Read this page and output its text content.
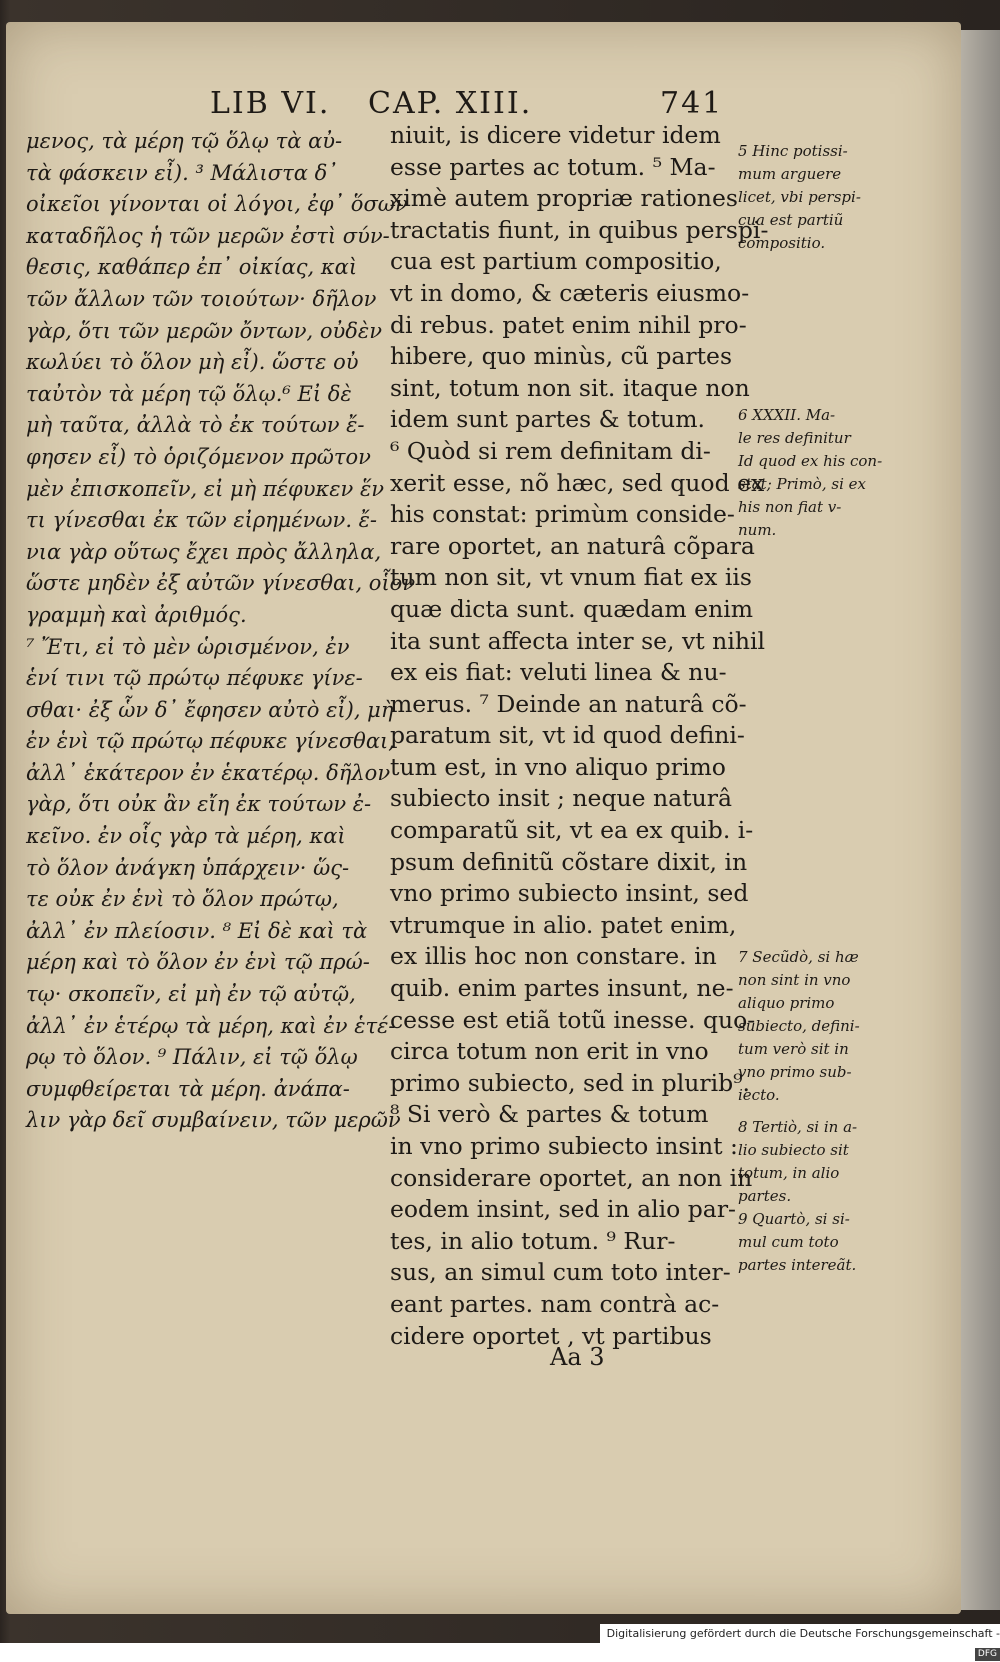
LIB VI. CAP. XIII.	741
μενος, τὰ μέρη τῷ ὅλῳ τὰ αὐ-
τὰ φάσκειν εἶ). ³ Μάλιστα δ᾽
οἰκεῖοι γίνονται οἱ λόγοι, ἐφ᾽ ὅσων
καταδῆλος ἡ τῶν μερῶν ἐστὶ σύν-
θεσις, καθάπερ ἐπ᾽ οἰκίας, καὶ
τῶν ἄλλων τῶν τοιούτων· δῆλον
γὰρ, ὅτι τῶν μερῶν ὄντων, οὐδὲν
κωλύει τὸ ὅλον μὴ εἶ). ὥστε οὐ
ταὐτὸν τὰ μέρη τῷ ὅλῳ.⁶ Εἰ δὲ
μὴ ταῦτα, ἀλλὰ τὸ ἐκ τούτων ἔ-
φησεν εἶ) τὸ ὁριζόμενον πρῶτον
μὲν ἐπισκοπεῖν, εἰ μὴ πέφυκεν ἕν
τι γίνεσθαι ἐκ τῶν εἰρημένων. ἔ-
νια γὰρ οὕτως ἔχει πρὸς ἄλληλα,
ὥστε μηδὲν ἐξ αὐτῶν γίνεσθαι, οἷον
γραμμὴ καὶ ἀριθμός.
⁷ Ἔτι, εἰ τὸ μὲν ὡρισμένον, ἐν
ἑνί τινι τῷ πρώτῳ πέφυκε γίνε-
σθαι· ἐξ ὧν δ᾽ ἔφησεν αὐτὸ εἶ), μὴ
ἐν ἑνὶ τῷ πρώτῳ πέφυκε γίνεσθαι,
ἀλλ᾽ ἑκάτερον ἐν ἑκατέρῳ. δῆλον
γὰρ, ὅτι οὐκ ἂν εἴη ἐκ τούτων ἐ-
κεῖνο. ἐν οἷς γὰρ τὰ μέρη, καὶ
τὸ ὅλον ἀνάγκη ὑπάρχειν· ὥς-
τε οὐκ ἐν ἑνὶ τὸ ὅλον πρώτῳ,
ἀλλ᾽ ἐν πλείοσιν. ⁸ Εἰ δὲ καὶ τὰ
μέρη καὶ τὸ ὅλον ἐν ἑνὶ τῷ πρώ-
τῳ· σκοπεῖν, εἰ μὴ ἐν τῷ αὐτῷ,
ἀλλ᾽ ἐν ἑτέρῳ τὰ μέρη, καὶ ἐν ἑτέ-
ρῳ τὸ ὅλον. ⁹ Πάλιν, εἰ τῷ ὅλῳ
συμφθείρεται τὰ μέρη. ἀνάπα-
λιν γὰρ δεῖ συμβαίνειν, τῶν μερῶν
niuit, is dicere videtur idem
esse partes ac totum. ⁵ Ma-
ximè autem propriæ rationes
tractatis fiunt, in quibus perspi-
cua est partium compositio,
vt in domo, & cæteris eiusmo-
di rebus. patet enim nihil pro-
hibere, quo minùs, cũ partes
sint, totum non sit. itaque non
idem sunt partes & totum.
⁶ Quòd si rem definitam di-
xerit esse, nõ hæc, sed quod ex
his constat: primùm conside-
rare oportet, an naturâ cõpara
tum non sit, vt vnum fiat ex iis
quæ dicta sunt. quædam enim
ita sunt affecta inter se, vt nihil
ex eis fiat: veluti linea & nu-
merus. ⁷ Deinde an naturâ cõ-
paratum sit, vt id quod defini-
tum est, in vno aliquo primo
subiecto insit ; neque naturâ
comparatũ sit, vt ea ex quib. i-
psum definitũ cõstare dixit, in
vno primo subiecto insint, sed
vtrumque in alio. patet enim,
ex illis hoc non constare. in
quib. enim partes insunt, ne-
cesse est etiã totũ inesse. quo-
circa totum non erit in vno
primo subiecto, sed in plurib⁹.
⁸ Si verò & partes & totum
in vno primo subiecto insint :
considerare oportet, an non in
eodem insint, sed in alio par-
tes, in alio totum. ⁹ Rur-
sus, an simul cum toto inter-
eant partes. nam contrà ac-
cidere oportet , vt partibus
5 Hinc potissi-
mum arguere
licet, vbi perspi-
cua est partiũ
compositio.
6 XXXII. Ma-
le res definitur
Id quod ex his con-
stat; Primò, si ex
his non fiat v-
num.
7 Secũdò, si hæ
non sint in vno
aliquo primo
subiecto, defini-
tum verò sit in
vno primo sub-
iecto.
8 Tertiò, si in a-
lio subiecto sit
totum, in alio
partes.
9 Quartò, si si-
mul cum toto
partes intereãt.
Aa 3
Digitalisierung gefördert durch die Deutsche Forschungsgemeinschaft - DFG
